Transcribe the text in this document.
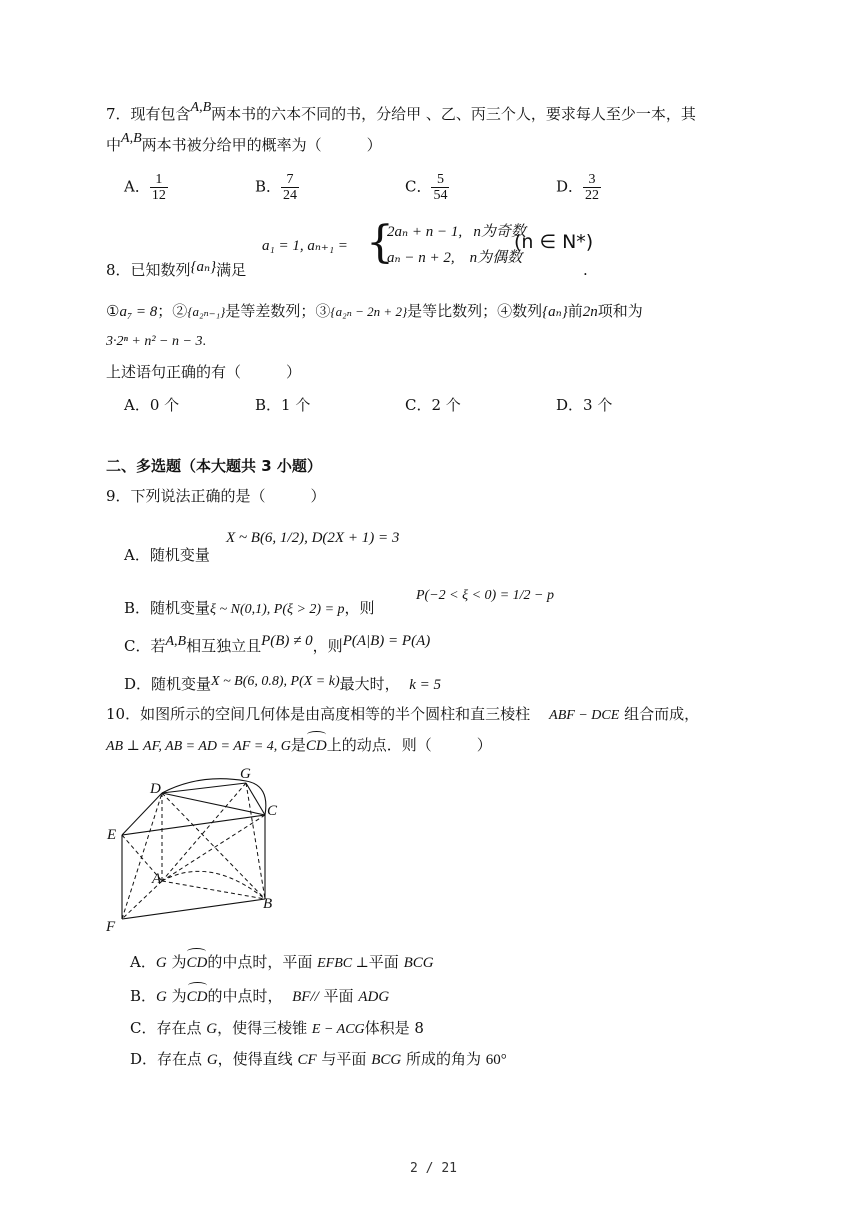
7．现有包含A,B两本书的六本不同的书，分给甲 、乙、丙三个人，要求每人至少一本，其
中A,B两本书被分给甲的概率为（　　　）
A． $\frac{1}{12}$	B． $\frac{7}{24}$	C． $\frac{5}{54}$	D． $\frac{3}{22}$
a₁ = 1, aₙ₊₁ = {
2aₙ + n − 1, n为奇数
aₙ − n + 2, n为偶数
(n ∈ N*)
.
8．已知数列{aₙ}满足
①a₇ = 8；②{a₂ₙ₋₁}是等差数列；③{a₂ₙ − 2n + 2}是等比数列；④数列{aₙ}前2n项和为
3·2ⁿ + n² − n − 3.
上述语句正确的有（　　　）
A．0 个	B．1 个	C．2 个	D．3 个
二、多选题（本大题共 3 小题）
9．下列说法正确的是（　　　）
A．随机变量
X ~ B(6, 1/2), D(2X + 1) = 3
B．随机变量ξ ~ N(0,1), P(ξ > 2) = p，则
P(−2 < ξ < 0) = 1/2 − p
C．若A,B相互独立且P(B) ≠ 0，则P(A|B) = P(A)
D．随机变量X ~ B(6, 0.8), P(X = k)最大时， k = 5
10．如图所示的空间几何体是由高度相等的半个圆柱和直三棱柱 ABF − DCE 组合而成，
AB ⊥ AF, AB = AD = AF = 4, G是CD上的动点．则（　　　）
D
G
C
E
A
B
F
A．G 为CD的中点时，平面 EFBC ⊥平面 BCG
B．G 为CD的中点时， BF// 平面 ADG
C．存在点 G，使得三棱锥 E − ACG体积是 8
D．存在点 G，使得直线 CF 与平面 BCG 所成的角为 60°
2 / 21
